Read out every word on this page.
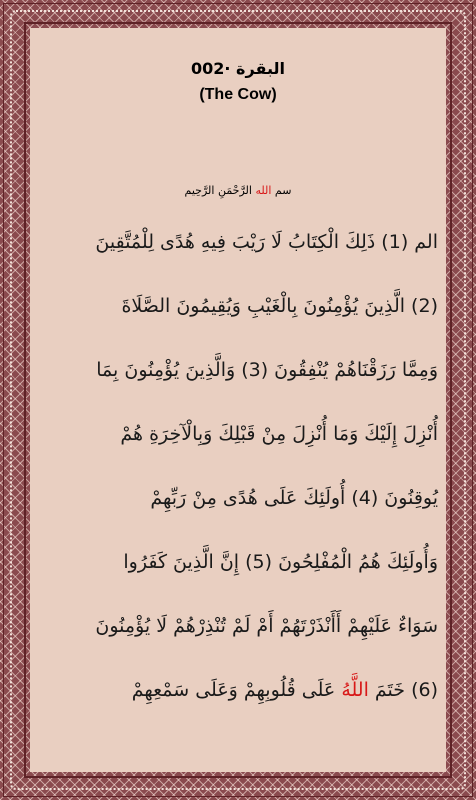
البقرة ·002
(The Cow)
سم الله الرَّحْمَنِ الرَّحِيم
الم (1) ذَلِكَ الْكِتَابُ لَا رَيْبَ فِيهِ هُدًى لِلْمُتَّقِينَ
(2) الَّذِينَ يُؤْمِنُونَ بِالْغَيْبِ وَيُقِيمُونَ الصَّلَاةَ
وَمِمَّا رَزَقْنَاهُمْ يُنْفِقُونَ (3) وَالَّذِينَ يُؤْمِنُونَ بِمَا
أُنْزِلَ إِلَيْكَ وَمَا أُنْزِلَ مِنْ قَبْلِكَ وَبِالْآخِرَةِ هُمْ
يُوقِنُونَ (4) أُولَئِكَ عَلَى هُدًى مِنْ رَبِّهِمْ
وَأُولَئِكَ هُمُ الْمُفْلِحُونَ (5) إِنَّ الَّذِينَ كَفَرُوا
سَوَاءٌ عَلَيْهِمْ أَأَنْذَرْتَهُمْ أَمْ لَمْ تُنْذِرْهُمْ لَا يُؤْمِنُونَ
(6) خَتَمَ اللَّهُ عَلَى قُلُوبِهِمْ وَعَلَى سَمْعِهِمْ
